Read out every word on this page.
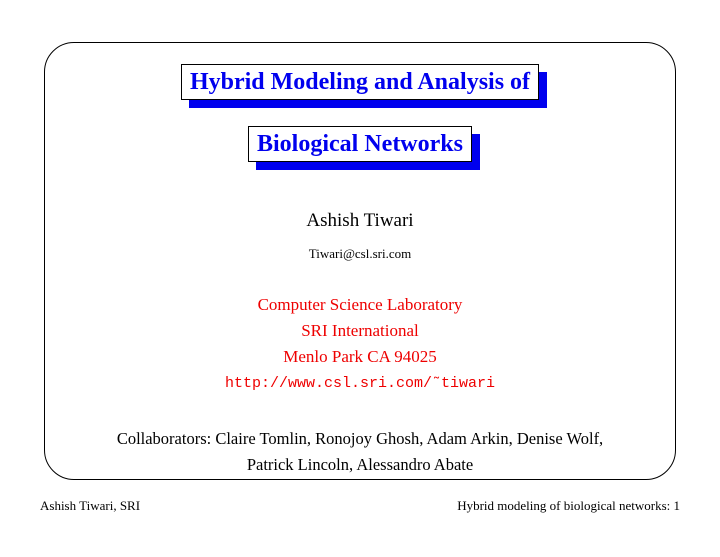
Hybrid Modeling and Analysis of
Biological Networks
Ashish Tiwari
Tiwari@csl.sri.com
Computer Science Laboratory
SRI International
Menlo Park CA 94025
http://www.csl.sri.com/˜tiwari
Collaborators: Claire Tomlin, Ronojoy Ghosh, Adam Arkin, Denise Wolf,
Patrick Lincoln, Alessandro Abate
Ashish Tiwari, SRI	Hybrid modeling of biological networks: 1
